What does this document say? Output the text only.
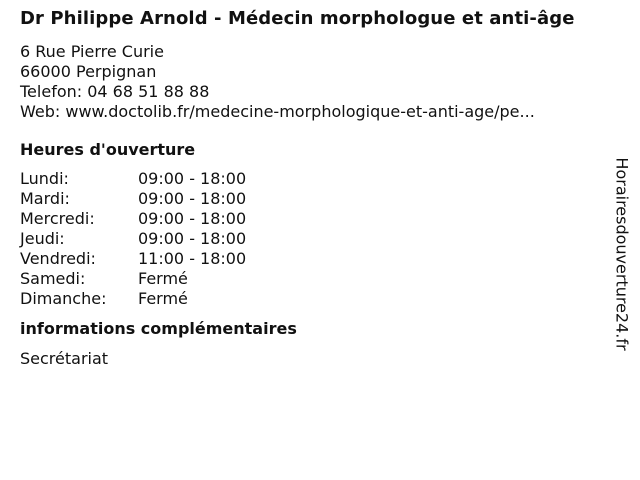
Dr Philippe Arnold - Médecin morphologue et anti-âge
6 Rue Pierre Curie
66000 Perpignan
Telefon: 04 68 51 88 88
Web: www.doctolib.fr/medecine-morphologique-et-anti-age/pe...
Heures d'ouverture
Lundi:	09:00 - 18:00
Mardi:	09:00 - 18:00
Mercredi:	09:00 - 18:00
Jeudi:	09:00 - 18:00
Vendredi:	11:00 - 18:00
Samedi:	Fermé
Dimanche:	Fermé
informations complémentaires
Secrétariat
Horairesdouverture24.fr
